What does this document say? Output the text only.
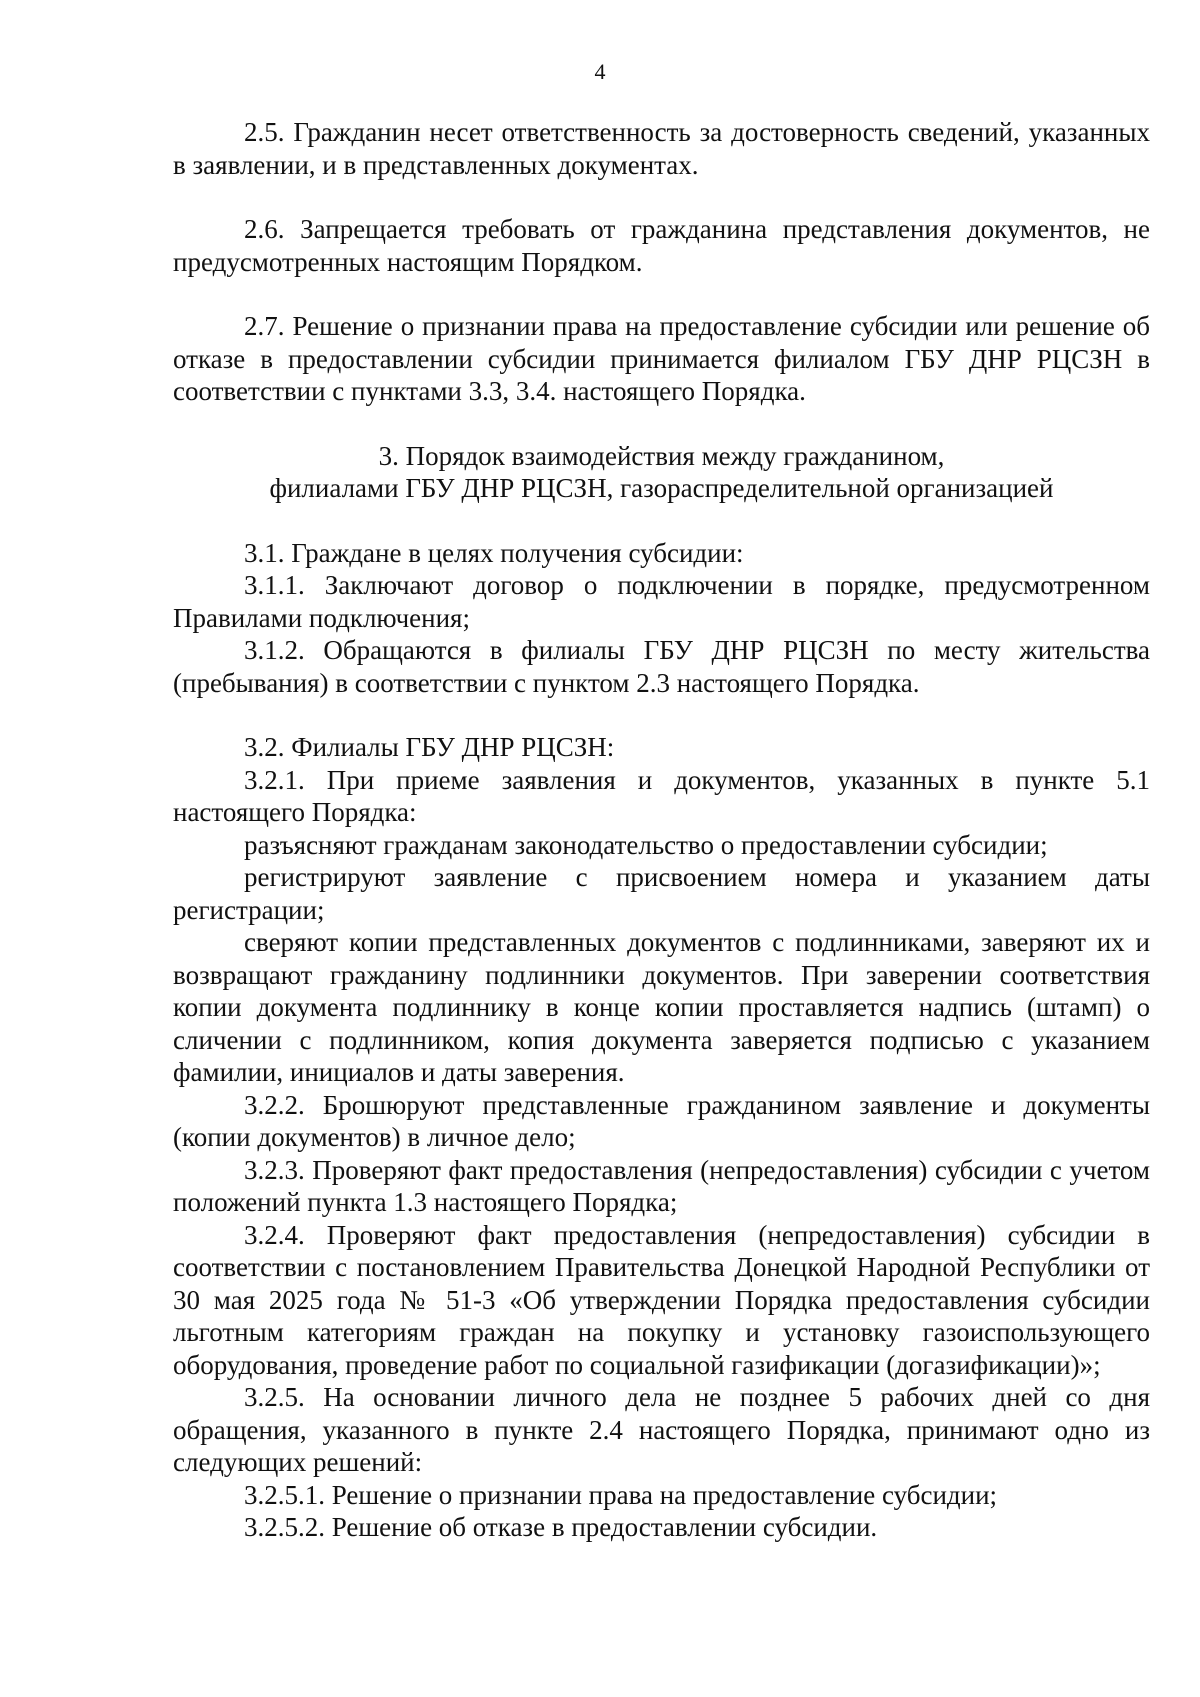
4

2.5. Гражданин несет ответственность за достоверность сведений, указанных в заявлении, и в представленных документах.

2.6. Запрещается требовать от гражданина представления документов, не предусмотренных настоящим Порядком.

2.7. Решение о признании права на предоставление субсидии или решение об отказе в предоставлении субсидии принимается филиалом ГБУ ДНР РЦСЗН в соответствии с пунктами 3.3, 3.4. настоящего Порядка.

3. Порядок взаимодействия между гражданином,
филиалами ГБУ ДНР РЦСЗН, газораспределительной организацией

3.1. Граждане в целях получения субсидии:

3.1.1. Заключают договор о подключении в порядке, предусмотренном Правилами подключения;

3.1.2. Обращаются в филиалы ГБУ ДНР РЦСЗН по месту жительства (пребывания) в соответствии с пунктом 2.3 настоящего Порядка.

3.2. Филиалы ГБУ ДНР РЦСЗН:

3.2.1. При приеме заявления и документов, указанных в пункте 5.1 настоящего Порядка:

разъясняют гражданам законодательство о предоставлении субсидии;

регистрируют заявление с присвоением номера и указанием даты регистрации;

сверяют копии представленных документов с подлинниками, заверяют их и возвращают гражданину подлинники документов. При заверении соответствия копии документа подлиннику в конце копии проставляется надпись (штамп) о сличении с подлинником, копия документа заверяется подписью с указанием фамилии, инициалов и даты заверения.

3.2.2. Брошюруют представленные гражданином заявление и документы (копии документов) в личное дело;

3.2.3. Проверяют факт предоставления (непредоставления) субсидии с учетом положений пункта 1.3 настоящего Порядка;

3.2.4. Проверяют факт предоставления (непредоставления) субсидии в соответствии с постановлением Правительства Донецкой Народной Республики от 30 мая 2025 года № 51-3 «Об утверждении Порядка предоставления субсидии льготным категориям граждан на покупку и установку газоиспользующего оборудования, проведение работ по социальной газификации (догазификации)»;

3.2.5. На основании личного дела не позднее 5 рабочих дней со дня обращения, указанного в пункте 2.4 настоящего Порядка, принимают одно из следующих решений:

3.2.5.1. Решение о признании права на предоставление субсидии;

3.2.5.2. Решение об отказе в предоставлении субсидии.
